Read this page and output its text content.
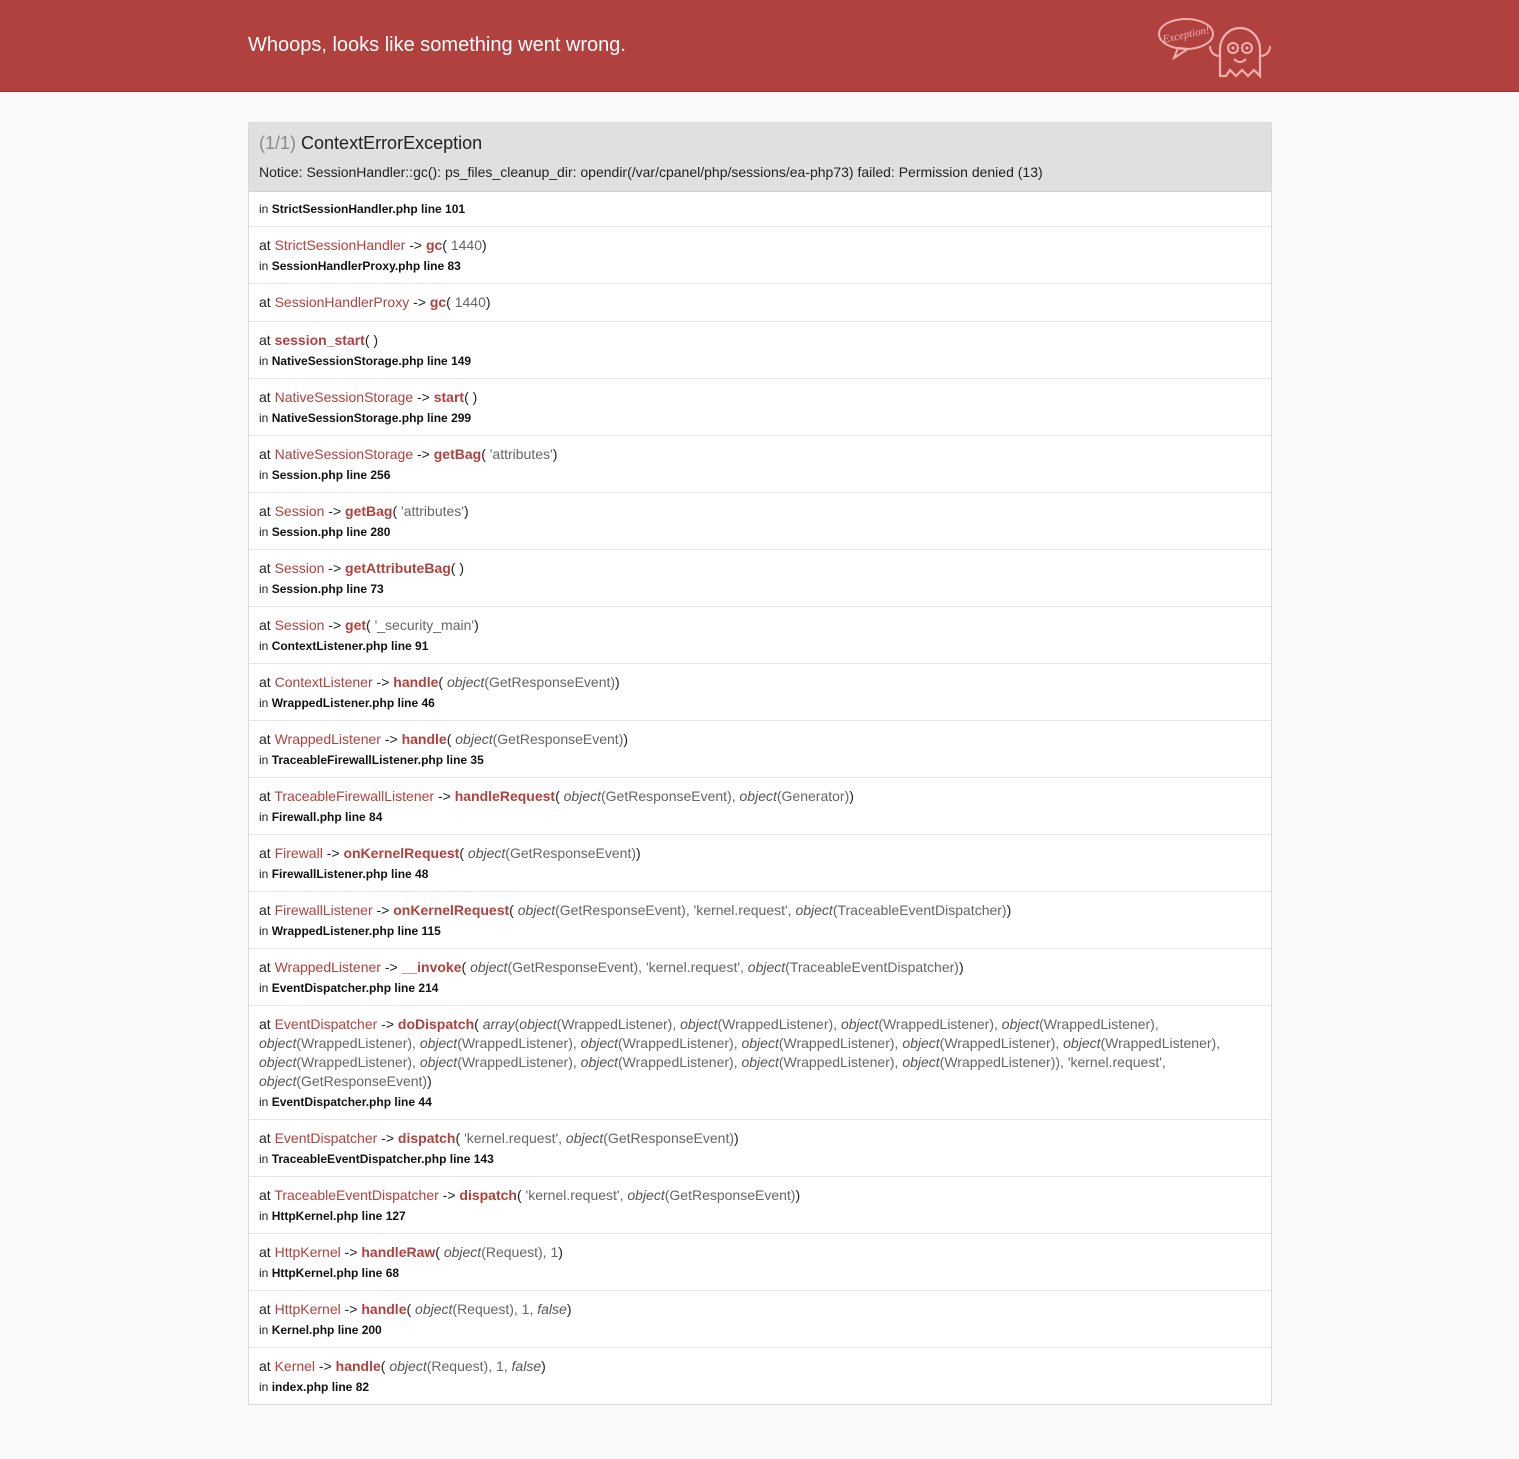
Whoops, looks like something went wrong.	Exception!
(1/1) ContextErrorException
Notice: SessionHandler::gc(): ps_files_cleanup_dir: opendir(/var/cpanel/php/sessions/ea-php73) failed: Permission denied (13)
in StrictSessionHandler.php line 101
at StrictSessionHandler -> gc( 1440)
in SessionHandlerProxy.php line 83
at SessionHandlerProxy -> gc( 1440)
at session_start( )
in NativeSessionStorage.php line 149
at NativeSessionStorage -> start( )
in NativeSessionStorage.php line 299
at NativeSessionStorage -> getBag( 'attributes')
in Session.php line 256
at Session -> getBag( 'attributes')
in Session.php line 280
at Session -> getAttributeBag( )
in Session.php line 73
at Session -> get( '_security_main')
in ContextListener.php line 91
at ContextListener -> handle( object(GetResponseEvent))
in WrappedListener.php line 46
at WrappedListener -> handle( object(GetResponseEvent))
in TraceableFirewallListener.php line 35
at TraceableFirewallListener -> handleRequest( object(GetResponseEvent), object(Generator))
in Firewall.php line 84
at Firewall -> onKernelRequest( object(GetResponseEvent))
in FirewallListener.php line 48
at FirewallListener -> onKernelRequest( object(GetResponseEvent), 'kernel.request', object(TraceableEventDispatcher))
in WrappedListener.php line 115
at WrappedListener -> __invoke( object(GetResponseEvent), 'kernel.request', object(TraceableEventDispatcher))
in EventDispatcher.php line 214
at EventDispatcher -> doDispatch( array(object(WrappedListener), object(WrappedListener), object(WrappedListener), object(WrappedListener), object(WrappedListener), object(WrappedListener), object(WrappedListener), object(WrappedListener), object(WrappedListener), object(WrappedListener), object(WrappedListener), object(WrappedListener), object(WrappedListener), object(WrappedListener), object(WrappedListener)), 'kernel.request', object(GetResponseEvent))
in EventDispatcher.php line 44
at EventDispatcher -> dispatch( 'kernel.request', object(GetResponseEvent))
in TraceableEventDispatcher.php line 143
at TraceableEventDispatcher -> dispatch( 'kernel.request', object(GetResponseEvent))
in HttpKernel.php line 127
at HttpKernel -> handleRaw( object(Request), 1)
in HttpKernel.php line 68
at HttpKernel -> handle( object(Request), 1, false)
in Kernel.php line 200
at Kernel -> handle( object(Request), 1, false)
in index.php line 82
